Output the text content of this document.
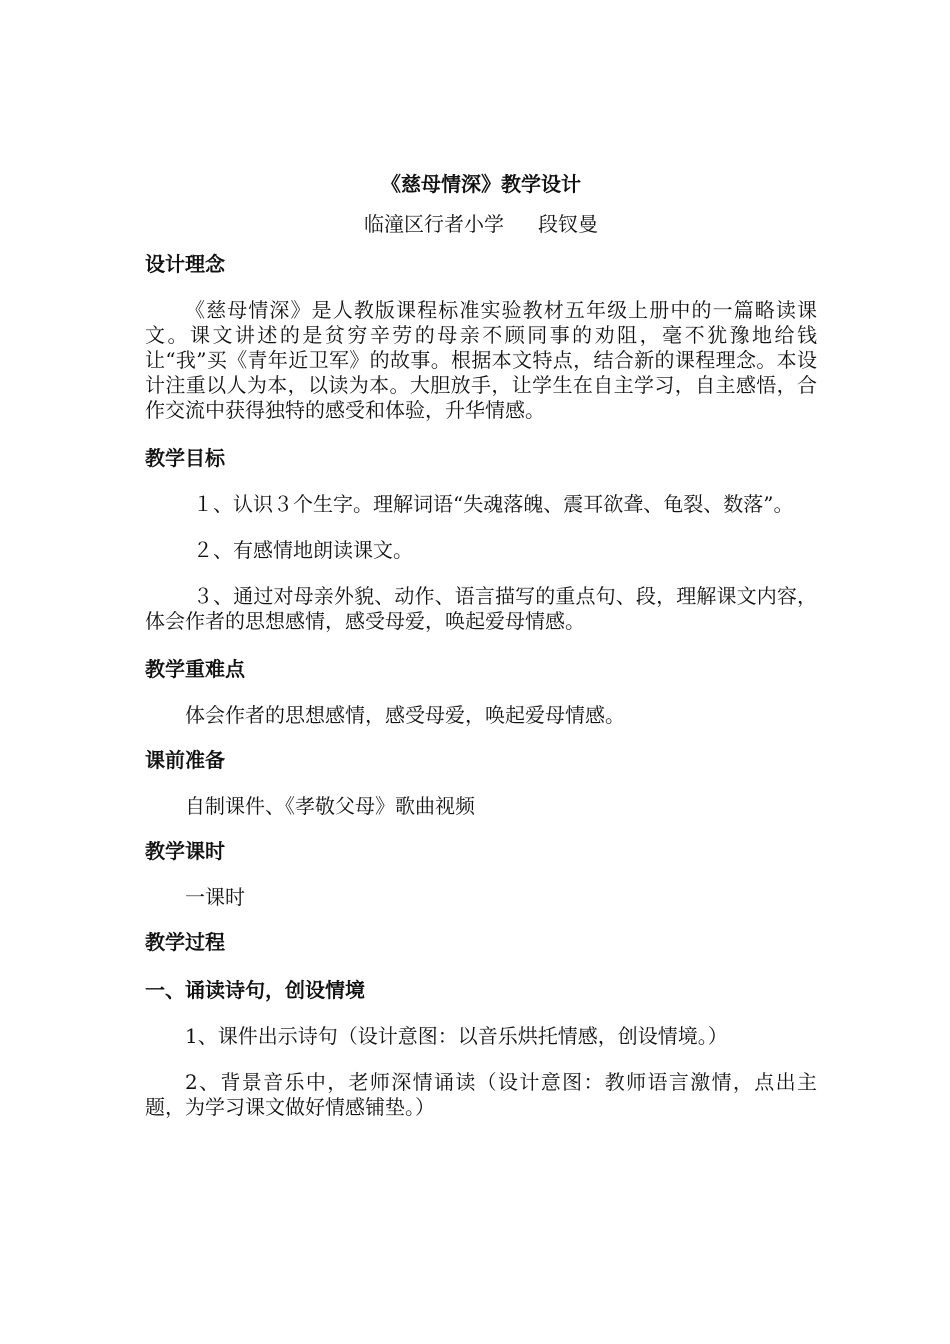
《慈母情深》教学设计
临潼区行者小学 段钗曼
设计理念

《慈母情深》是人教版课程标准实验教材五年级上册中的一篇略读课文。课文讲述的是贫穷辛劳的母亲不顾同事的劝阻，毫不犹豫地给钱让“我”买《青年近卫军》的故事。根据本文特点，结合新的课程理念。本设计注重以人为本，以读为本。大胆放手，让学生在自主学习，自主感悟，合作交流中获得独特的感受和体验，升华情感。

教学目标

１、认识３个生字。理解词语“失魂落魄、震耳欲聋、龟裂、数落”。

２、有感情地朗读课文。

３、通过对母亲外貌、动作、语言描写的重点句、段，理解课文内容，体会作者的思想感情，感受母爱，唤起爱母情感。

教学重难点

体会作者的思想感情，感受母爱，唤起爱母情感。

课前准备

自制课件、《孝敬父母》歌曲视频

教学课时

一课时

教学过程
一、诵读诗句，创设情境

1、课件出示诗句（设计意图：以音乐烘托情感，创设情境。）

2、背景音乐中，老师深情诵读（设计意图：教师语言激情，点出主题，为学习课文做好情感铺垫。）
